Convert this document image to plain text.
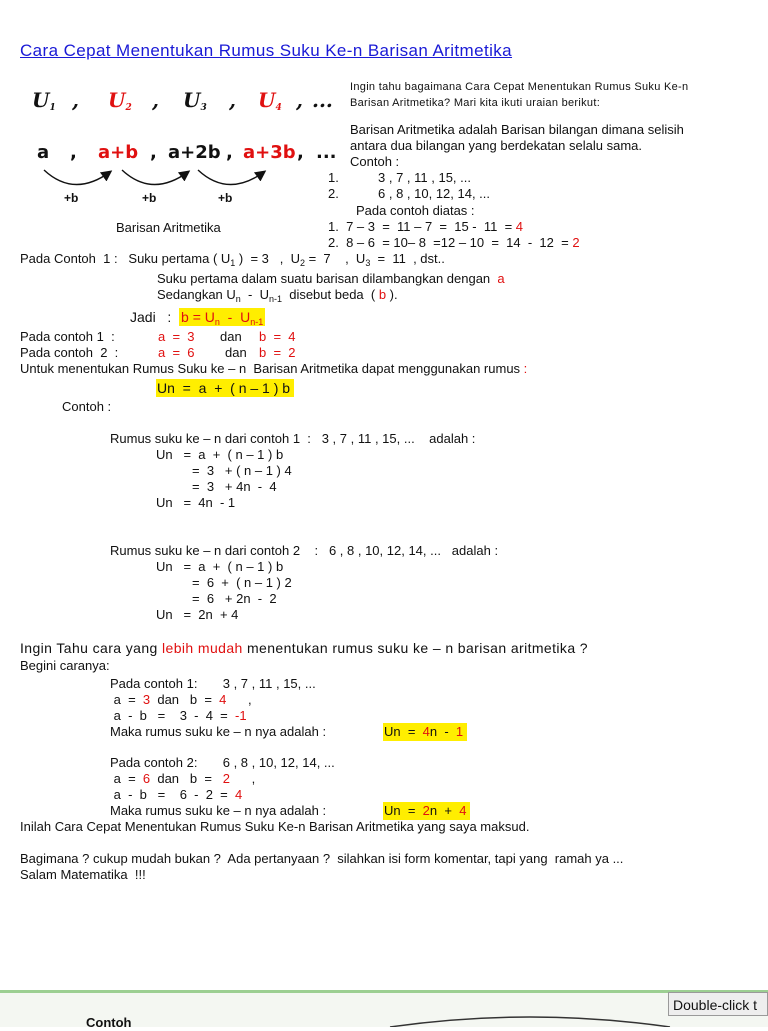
Cara Cepat Menentukan Rumus Suku Ke-n Barisan Aritmetika
Ingin tahu bagaimana Cara Cepat Menentukan Rumus Suku Ke-n
Barisan Aritmetika? Mari kita ikuti uraian berikut:
$U_1$ , $U_2$ , $U_3$ , $U_4$ , ...
a , a+b , a+2b , a+3b , ...
+b	+b	+b
Barisan Aritmetika
Barisan Aritmetika adalah Barisan bilangan dimana selisih
antara dua bilangan yang berdekatan selalu sama.
Contoh :
1.	3 , 7 , 11 , 15, ...
2.	6 , 8 , 10, 12, 14, ...
Pada contoh diatas :
1.  7 – 3  =  11 – 7  =  15 -  11  = 4
2.  8 – 6  = 10– 8  =12 – 10  =  14  -  12  = 2
Pada Contoh  1 :   Suku pertama ( $U_1$ )  = 3   ,  $U_2 = 7$    ,  $U_3 = 11$  , dst..
Suku pertama dalam suatu barisan dilambangkan dengan  a
Sedangkan $U_n - U_{n-1}$  disebut beda  ( b ).
Jadi   :  $b = U_n - U_{n-1}$
Pada contoh 1  :	a  =  3 dan b  =  4
Pada contoh  2  :	a  =  6 dan b  =  2
Untuk menentukan Rumus Suku ke – n  Barisan Aritmetika dapat menggunakan rumus :
Un  =  a  +  ( n – 1 ) b
Contoh :
Rumus suku ke – n dari contoh 1  :   3 , 7 , 11 , 15, ...    adalah :
Un   =  a  +  ( n – 1 ) b
=  3   + ( n – 1 ) 4
=  3   + 4n  -  4
Un   =  4n  - 1
Rumus suku ke – n dari contoh 2    :   6 , 8 , 10, 12, 14, ...   adalah :
Un   =  a  +  ( n – 1 ) b
=  6  +  ( n – 1 ) 2
=  6   + 2n  -  2
Un   =  2n  + 4
Ingin Tahu cara yang lebih mudah menentukan rumus suku ke – n barisan aritmetika ?
Begini caranya:
Pada contoh 1:       3 , 7 , 11 , 15, ...
a  =  3  dan   b  =  4      ,
a  -  b   =    3  -  4  =  -1
Maka rumus suku ke – n nya adalah :	Un  =  4n  -  1
Pada contoh 2:       6 , 8 , 10, 12, 14, ...
a  =  6  dan   b  =   2      ,
a  -  b   =    6  -  2  =  4
Maka rumus suku ke – n nya adalah :	Un  =  2n  +  4
Inilah Cara Cepat Menentukan Rumus Suku Ke-n Barisan Aritmetika yang saya maksud.
Bagimana ? cukup mudah bukan ?  Ada pertanyaan ?  silahkan isi form komentar, tapi yang  ramah ya ...
Salam Matematika  !!!
Contoh
Double-click t
